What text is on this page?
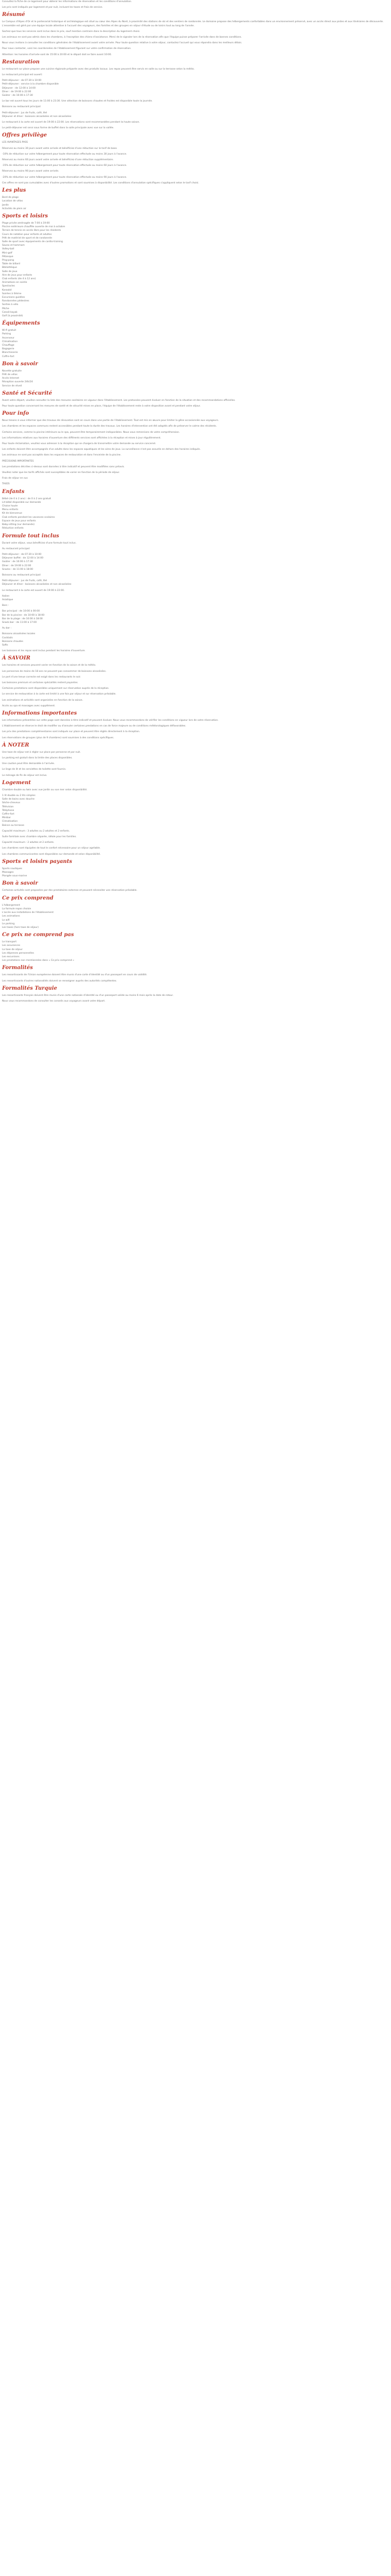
Consultez la fiche de ce logement pour obtenir les informations de réservation et les conditions d'annulation.

Les prix sont indiqués par logement et par nuit, incluant les taxes et frais de service.

Résumé

Le Campus d'Alpes d'Or et le partenariat historique et archéologique est situé au cœur des Alpes du Nord, à proximité des stations de ski et des sentiers de randonnée. Le domaine propose des hébergements confortables dans un environnement préservé, avec un accès direct aux pistes et aux itinéraires de découverte. L'ensemble est géré par une équipe locale attentive à l'accueil des voyageurs, des familles et des groupes en séjour d'étude ou de loisirs tout au long de l'année.

Sachez que tous les services sont inclus dans le prix, sauf mention contraire dans la description du logement choisi.

Les animaux ne sont pas admis dans les chambres, à l'exception des chiens d'assistance. Merci de le signaler lors de la réservation afin que l'équipe puisse préparer l'arrivée dans de bonnes conditions.

Nous vous invitons à consulter les conditions générales de l'établissement avant votre arrivée. Pour toute question relative à votre séjour, contactez l'accueil qui vous répondra dans les meilleurs délais.

Pour nous contacter, voici les coordonnées de l'établissement figurant sur votre confirmation de réservation.

Attention: les horaires d'arrivée sont de 15:00 à 20:00 et le départ doit se faire avant 10:00.

Restauration

Le restaurant sur place propose une cuisine régionale préparée avec des produits locaux. Les repas peuvent être servis en salle ou sur la terrasse selon la météo.

Le restaurant principal est ouvert:

Petit-déjeuner : de 07:30 à 10:00
Petit-déjeuner : service à la chambre disponible
Déjeuner : de 12:00 à 14:00
Dîner : de 19:00 à 22:00
Goûter : de 16:00 à 17:30

Le bar est ouvert tous les jours de 11:00 à 23:30. Une sélection de boissons chaudes et froides est disponible toute la journée.

Boissons au restaurant principal:

Petit-déjeuner : jus de fruits, café, thé
Déjeuner et dîner : boissons alcoolisées et non alcoolisées

Le restaurant à la carte est ouvert de 19:00 à 22:00. Les réservations sont recommandées pendant la haute saison.

Le petit-déjeuner est servi sous forme de buffet dans la salle principale avec vue sur la vallée.

Offres privilège

LES AVANTAGES PASS

Réservez au moins 30 jours avant votre arrivée et bénéficiez d'une réduction sur le tarif de base.

-10% de réduction sur votre hébergement pour toute réservation effectuée au moins 30 jours à l'avance.

Réservez au moins 60 jours avant votre arrivée et bénéficiez d'une réduction supplémentaire.

-15% de réduction sur votre hébergement pour toute réservation effectuée au moins 60 jours à l'avance.

Réservez au moins 90 jours avant votre arrivée.

-20% de réduction sur votre hébergement pour toute réservation effectuée au moins 90 jours à l'avance.

Ces offres ne sont pas cumulables avec d'autres promotions et sont soumises à disponibilité. Les conditions d'annulation spécifiques s'appliquent selon le tarif choisi.

Les plus
Bord de plage
Location de vélos
Jardin
Activités de plein air
Sports et loisirs
Plage privée aménagée de 7:00 à 19:00
Piscine extérieure chauffée ouverte de mai à octobre
Terrain de tennis en accès libre pour les résidents
Cours de natation pour enfants et adultes
Prêt de matériel de sport et de randonnée
Salle de sport avec équipements de cardio-training
Sauna et hammam
Volley-ball
Mini-golf
Pétanque
Ping-pong
Table de billard
Bibliothèque
Salle de jeux
Aire de jeux pour enfants
Club enfants (de 4 à 12 ans)
Animations en soirée
Spectacles
Karaoké
Soirées à thème
Excursions guidées
Randonnées pédestres
Sorties à vélo
Pêche
Canoë-kayak
Golf (à proximité)
Équipements
Wi-fi gratuit
Parking
Ascenseur
Climatisation
Chauffage
Bagagerie
Blanchisserie
Coffre-fort
Bon à savoir
Navette gratuite
Prêt de vélos
Accès Internet
Réception ouverte 24h/24
Service de réveil
Santé et Sécurité

Avant votre départ, veuillez consulter la liste des mesures sanitaires en vigueur dans l'établissement. Les protocoles peuvent évoluer en fonction de la situation et des recommandations officielles.

Pour toute question concernant les mesures de santé et de sécurité mises en place, l'équipe de l'établissement reste à votre disposition avant et pendant votre séjour.

Pour info

Nous tenons à vous informer que des travaux de rénovation sont en cours dans une partie de l'établissement. Tout est mis en œuvre pour limiter la gêne occasionnée aux voyageurs.

Les chambres et les espaces communs restent accessibles pendant toute la durée des travaux. Les horaires d'intervention ont été adaptés afin de préserver le calme des résidents.

Certains services, comme la piscine intérieure ou le spa, peuvent être temporairement indisponibles. Nous vous remercions de votre compréhension.

Les informations relatives aux horaires d'ouverture des différents services sont affichées à la réception et mises à jour régulièrement.

Pour toute réclamation, veuillez vous adresser à la réception qui se chargera de transmettre votre demande au service concerné.

Les enfants doivent être accompagnés d'un adulte dans les espaces aquatiques et les aires de jeux. La surveillance n'est pas assurée en dehors des horaires indiqués.

Les animaux ne sont pas acceptés dans les espaces de restauration et dans l'enceinte de la piscine.

PRÉCISIONS IMPORTANTES

Les prestations décrites ci-dessus sont données à titre indicatif et peuvent être modifiées sans préavis.

Veuillez noter que les tarifs affichés sont susceptibles de varier en fonction de la période de séjour.

Frais de séjour en sus

TAXES

Enfants
Bébé (de 0 à 2 ans) : de 0 à 2 ans gratuit
Lit bébé disponible sur demande
Chaise haute
Menu enfants
Kit de bienvenue
Club enfants pendant les vacances scolaires
Espace de jeux pour enfants
Baby-sitting (sur demande)
Réduction enfants
Formule tout inclus

Durant votre séjour, vous bénéficiez d'une formule tout inclus.

Au restaurant principal:

Petit-déjeuner : de 07:30 à 10:00
Déjeuner buffet : de 12:00 à 14:00
Goûter : de 16:00 à 17:30
Dîner : de 19:00 à 22:00
Snacks : de 11:00 à 18:00

Boissons au restaurant principal:

Petit-déjeuner : jus de fruits, café, thé
Déjeuner et dîner : boissons alcoolisées et non alcoolisées

Le restaurant à la carte est ouvert de 19:00 à 22:00.

Italien
Asiatique

Bars :

Bar principal : de 10:00 à 00:00
Bar de la piscine : de 10:00 à 18:00
Bar de la plage : de 10:00 à 18:00
Snack-bar : de 11:00 à 17:00

Au bar :

Boissons alcoolisées locales
Cocktails
Boissons chaudes
Softs

Les boissons et les repas sont inclus pendant les horaires d'ouverture.

À SAVOIR

Les horaires et services peuvent varier en fonction de la saison et de la météo.

Les personnes de moins de 18 ans ne peuvent pas consommer de boissons alcoolisées.

Le port d'une tenue correcte est exigé dans les restaurants le soir.

Les boissons premium et certaines spécialités restent payantes.

Certaines prestations sont disponibles uniquement sur réservation auprès de la réception.

Le service de restauration à la carte est limité à une fois par séjour et sur réservation préalable.

Les animations et activités sont organisées en fonction de la saison.

Accès au spa et massages avec supplément.

Informations importantes

Les informations présentées sur cette page sont données à titre indicatif et peuvent évoluer. Nous vous recommandons de vérifier les conditions en vigueur lors de votre réservation.

L'établissement se réserve le droit de modifier ou d'annuler certaines prestations en cas de force majeure ou de conditions météorologiques défavorables.

Les prix des prestations complémentaires sont indiqués sur place et peuvent être réglés directement à la réception.

Les réservations de groupes (plus de 9 chambres) sont soumises à des conditions spécifiques.

À NOTER

Une taxe de séjour est à régler sur place par personne et par nuit.

Le parking est gratuit dans la limite des places disponibles.

Une caution peut être demandée à l'arrivée.

Le linge de lit et les serviettes de toilette sont fournis.

Le ménage de fin de séjour est inclus.

Logement

Chambre double ou twin avec vue jardin ou vue mer selon disponibilité.

1 lit double ou 2 lits simples
Salle de bains avec douche
Sèche-cheveux
Télévision
Téléphone
Coffre-fort
Minibar
Climatisation
Balcon ou terrasse

Capacité maximum : 3 adultes ou 2 adultes et 2 enfants.

Suite familiale avec chambre séparée, idéale pour les familles.

Capacité maximum : 2 adultes et 2 enfants.

Les chambres sont équipées de tout le confort nécessaire pour un séjour agréable.

Les chambres communicantes sont disponibles sur demande et selon disponibilité.

Sports et loisirs payants
Sports nautiques
Massages
Plongée sous-marine
Bon à savoir

Certaines activités sont proposées par des prestataires externes et peuvent nécessiter une réservation préalable.

Ce prix comprend
L'hébergement
La formule repas choisie
L'accès aux installations de l'établissement
Les animations
Le wifi
Le parking
Les taxes (hors taxe de séjour)
Ce prix ne comprend pas
Le transport
Les assurances
La taxe de séjour
Les dépenses personnelles
Les excursions
Les prestations non mentionnées dans « Ce prix comprend »
Formalités

Les ressortissants de l'Union européenne doivent être munis d'une carte d'identité ou d'un passeport en cours de validité.

Les ressortissants d'autres nationalités doivent se renseigner auprès des autorités compétentes.

Formalités Turquie

Les ressortissants français doivent être munis d'une carte nationale d'identité ou d'un passeport valide au moins 6 mois après la date de retour.

Nous vous recommandons de consulter les conseils aux voyageurs avant votre départ.
